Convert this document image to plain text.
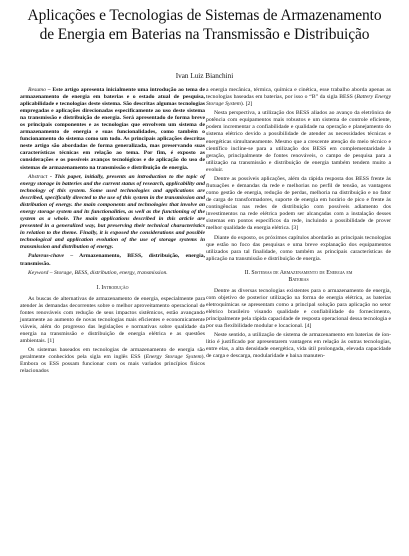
Aplicações e Tecnologias de Sistemas de Armazenamento de Energia em Baterias na Transmissão e Distribuição
Ivan Luiz Bianchini

Resumo – Este artigo apresenta inicialmente uma introdução ao tema de armazenamento de energia em baterias e o estado atual de pesquisa, aplicabilidade e tecnologias deste sistema. São descritas algumas tecnologias empregadas e aplicações direcionadas especificamente ao uso deste sistema na transmissão e distribuição de energia. Será apresentado de forma breve os principais componentes e as tecnologias que envolvem um sistema de armazenamento de energia e suas funcionalidades, como também o funcionamento do sistema como um todo. As principais aplicações descritas neste artigo são abordadas de forma generalizada, mas preservando suas características técnicas em relação ao tema. Por fim, é exposto as considerações e os possíveis avanços tecnológicos e de aplicação do uso de sistemas de armazenamento na transmissão e distribuição de energia.

Abstract - This paper, initially, presents an introduction to the topic of energy storage in batteries and the current status of research, applicability and technology of this system. Some used technologies and applications are described, specifically directed to the use of this system in the transmission and distribution of energy. the main components and technologies that involve an energy storage system and its functionalities, as well as the functioning of the system as a whole. The main applications described in this article are presented in a generalized way, but preserving their technical characteristics in relation to the theme. Finally, it is exposed the considerations and possible technological and application evolution of the use of storage systems in transmission and distribution of energy.

Palavras-chave – Armazenamento, BESS, distribuição, energia, transmissão.

Keyword – Storage, BESS, distribution, energy, transmission.

I. Introdução

As buscas de alternativas de armazenamento de energia, especialmente para atender às demandas decorrentes sobre o melhor aproveitamento operacional de fontes renováveis com redução de seus impactos sistêmicos, estão avançando juntamente ao aumento de novas tecnologias mais eficientes e economicamente viáveis, além do progresso das legislações e normativas sobre qualidade da energia na transmissão e distribuição de energia elétrica e as questões ambientais. [1]

Os sistemas baseados em tecnologias de armazenamento de energia são geralmente conhecidos pela sigla em inglês ESS (Energy Storage System). Embora os ESS possam funcionar com os mais variados princípios físicos relacionados

a energia mecânica, térmica, química e cinética, esse trabalho aborda apenas as tecnologias baseadas em baterias, por isso o “B” da sigla BESS (Battery Energy Storage System). [2]

Nesta perspectiva, a utilização dos BESS aliados ao avanço da eletrônica de potência com equipamentos mais robustos e um sistema de controle eficiente, podem incrementar a confiabilidade e qualidade na operação e planejamento do sistema elétrico devido a possibilidade de atender as necessidades técnicas e energéticas simultaneamente. Mesmo que a crescente atenção do meio técnico e científico incline-se para a utilização dos BESS em complementaridade à geração, principalmente de fontes renováveis, o campo de pesquisa para a utilização na transmissão e distribuição de energia também tendem muito a evoluir.

Dentre as possíveis aplicações, além da rápida resposta dos BESS frente às flutuações e demandas da rede e melhorias no perfil de tensão, as vantagens como gestão de energia, redução de perdas, melhoria na distribuição e no fator de carga de transformadores, suporte de energia em horário de pico e frente às contingências nas redes de distribuição com possíveis adiamento dos investimentos na rede elétrica podem ser alcançadas com a instalação desses sistemas em pontos específicos da rede, incluindo a possibilidade de prover melhor qualidade da energia elétrica. [3]

Diante do exposto, os próximos capítulos abordarão as principais tecnologias que estão no foco das pesquisas e uma breve explanação dos equipamentos utilizados para tal finalidade, como também as principais características de aplicação na transmissão e distribuição de energia.

II. Sistemas de Armazenamento de Energia em
Baterias

Dentre as diversas tecnologias existentes para o armazenamento de energia, com objetivo de posterior utilização na forma de energia elétrica, as baterias eletroquímicas se apresentam como a principal solução para aplicação no setor elétrico brasileiro visando qualidade e confiabilidade do fornecimento, principalmente pela rápida capacidade de resposta operacional dessa tecnologia e por sua flexibilidade modular e locacional. [4]

Neste sentido, a utilização de sistema de armazenamento em baterias de íon-lítio é justificado por apresentarem vantagens em relação às outras tecnologias, entre elas, a alta densidade energética, vida útil prolongada, elevada capacidade de carga e descarga, modularidade e baixa manuten-
